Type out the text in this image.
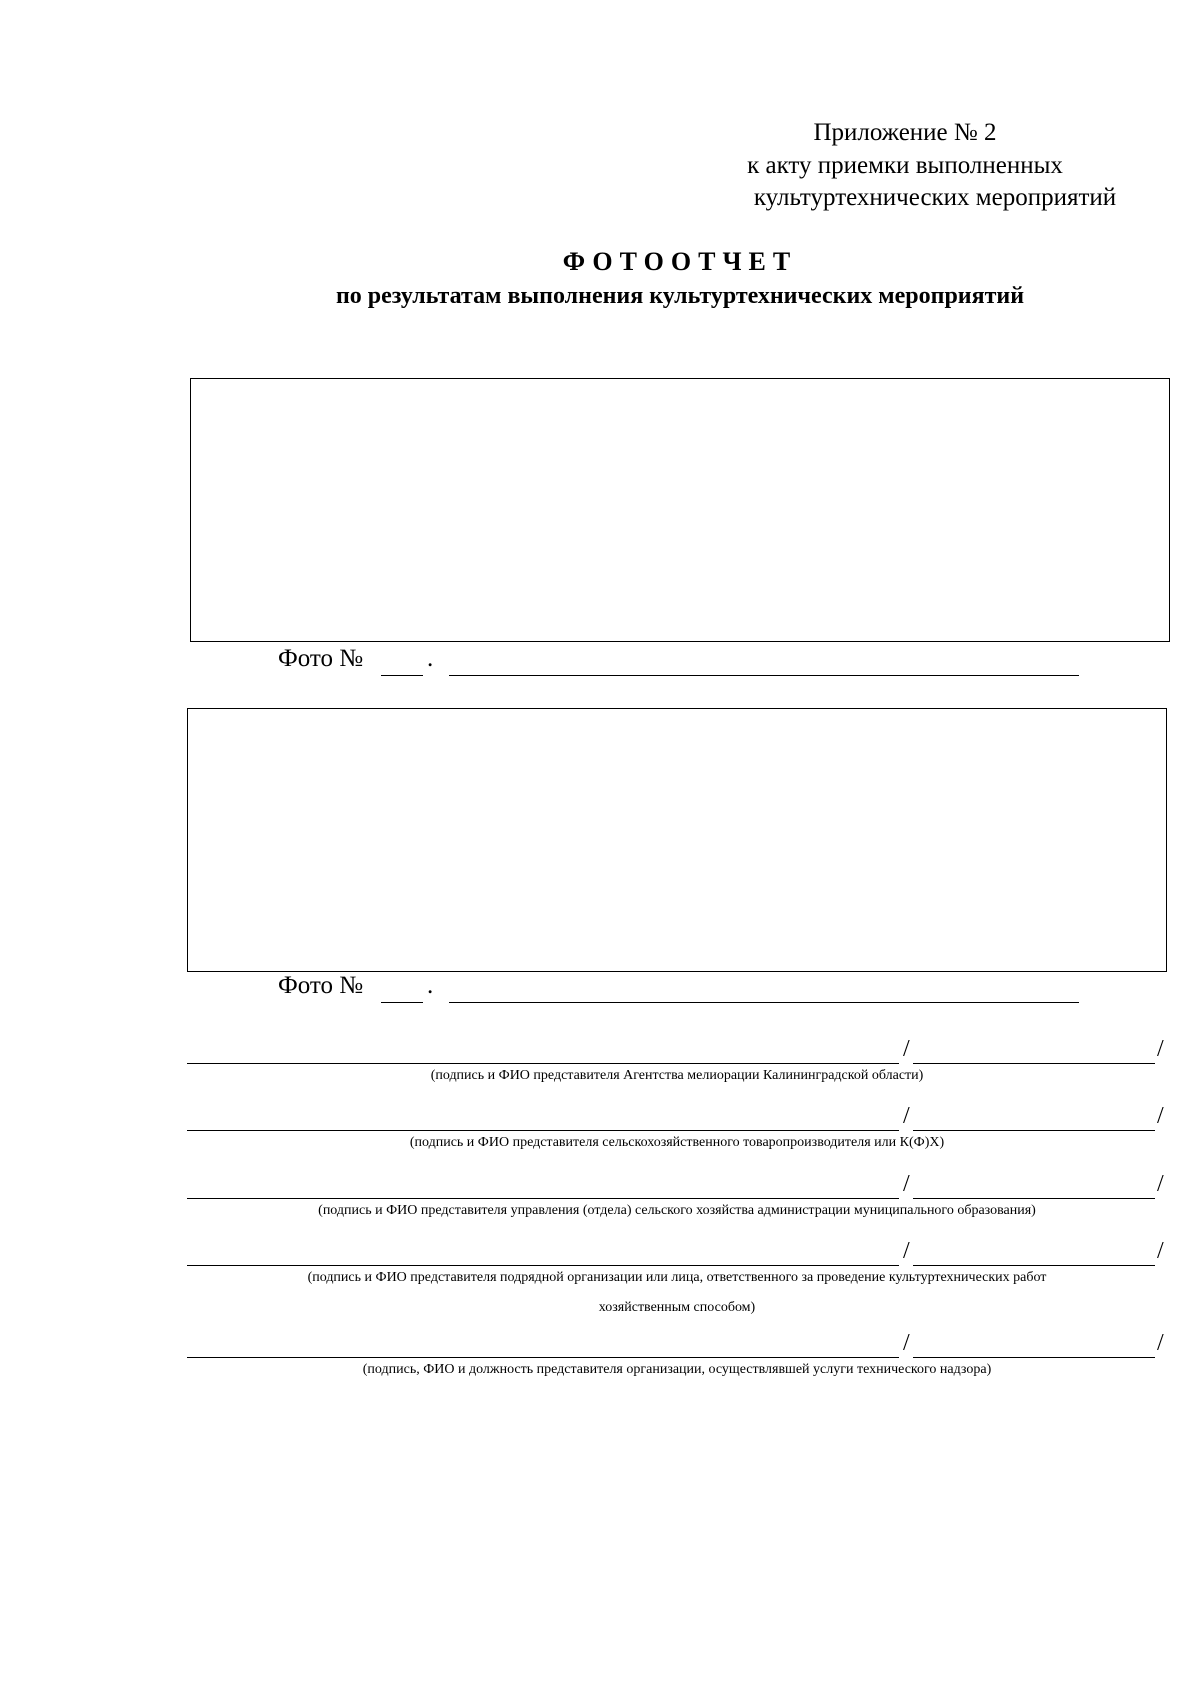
Приложение № 2
к акту приемки выполненных
культуртехнических мероприятий
ФОТООТЧЕТ
по результатам выполнения культуртехнических мероприятий
Фото №	.
Фото №	.
/	/
(подпись и ФИО представителя Агентства мелиорации Калининградской области)
/	/
(подпись и ФИО представителя сельскохозяйственного товаропроизводителя или К(Ф)Х)
/	/
(подпись и ФИО представителя управления (отдела) сельского хозяйства администрации муниципального образования)
/	/
(подпись и ФИО представителя подрядной организации или лица, ответственного за проведение культуртехнических работ
хозяйственным способом)
/	/
(подпись, ФИО и должность представителя организации, осуществлявшей услуги технического надзора)
